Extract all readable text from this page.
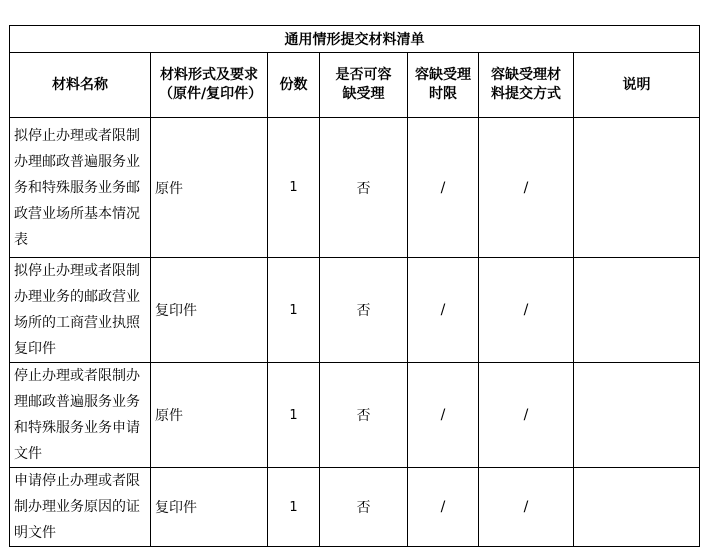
通用情形提交材料清单						
材料名称	材料形式及要求（原件/复印件）	份数	是否可容缺受理	容缺受理时限	容缺受理材料提交方式	说明
拟停止办理或者限制办理邮政普遍服务业务和特殊服务业务邮政营业场所基本情况表	原件	1	否	/	/	
拟停止办理或者限制办理业务的邮政营业场所的工商营业执照复印件	复印件	1	否	/	/	
停止办理或者限制办理邮政普遍服务业务和特殊服务业务申请文件	原件	1	否	/	/	
申请停止办理或者限制办理业务原因的证明文件	复印件	1	否	/	/	
